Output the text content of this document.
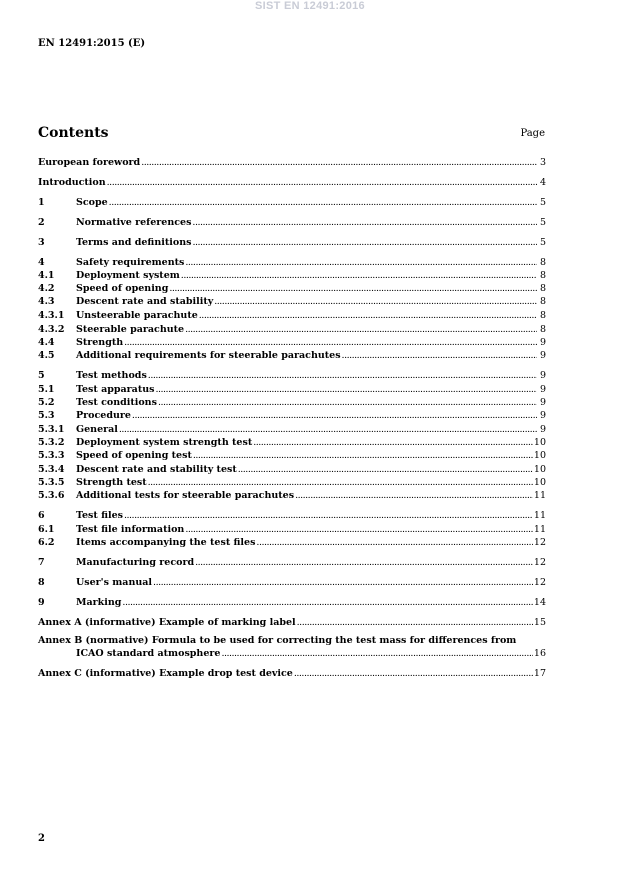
SIST EN 12491:2016
EN 12491:2015 (E)
Contents	Page
European foreword .....	3
Introduction .....	4
1	Scope .....	5
2	Normative references .....	5
3	Terms and definitions .....	5
4	Safety requirements .....	8
4.1	Deployment system .....	8
4.2	Speed of opening .....	8
4.3	Descent rate and stability .....	8
4.3.1	Unsteerable parachute .....	8
4.3.2	Steerable parachute .....	8
4.4	Strength .....	9
4.5	Additional requirements for steerable parachutes .....	9
5	Test methods .....	9
5.1	Test apparatus .....	9
5.2	Test conditions .....	9
5.3	Procedure .....	9
5.3.1	General .....	9
5.3.2	Deployment system strength test .....	10
5.3.3	Speed of opening test .....	10
5.3.4	Descent rate and stability test .....	10
5.3.5	Strength test .....	10
5.3.6	Additional tests for steerable parachutes .....	11
6	Test files .....	11
6.1	Test file information .....	11
6.2	Items accompanying the test files .....	12
7	Manufacturing record .....	12
8	User's manual .....	12
9	Marking .....	14
Annex A (informative) Example of marking label .....	15
Annex B (normative) Formula to be used for correcting the test mass for differences from
ICAO standard atmosphere .....	16
Annex C (informative) Example drop test device .....	17
2
